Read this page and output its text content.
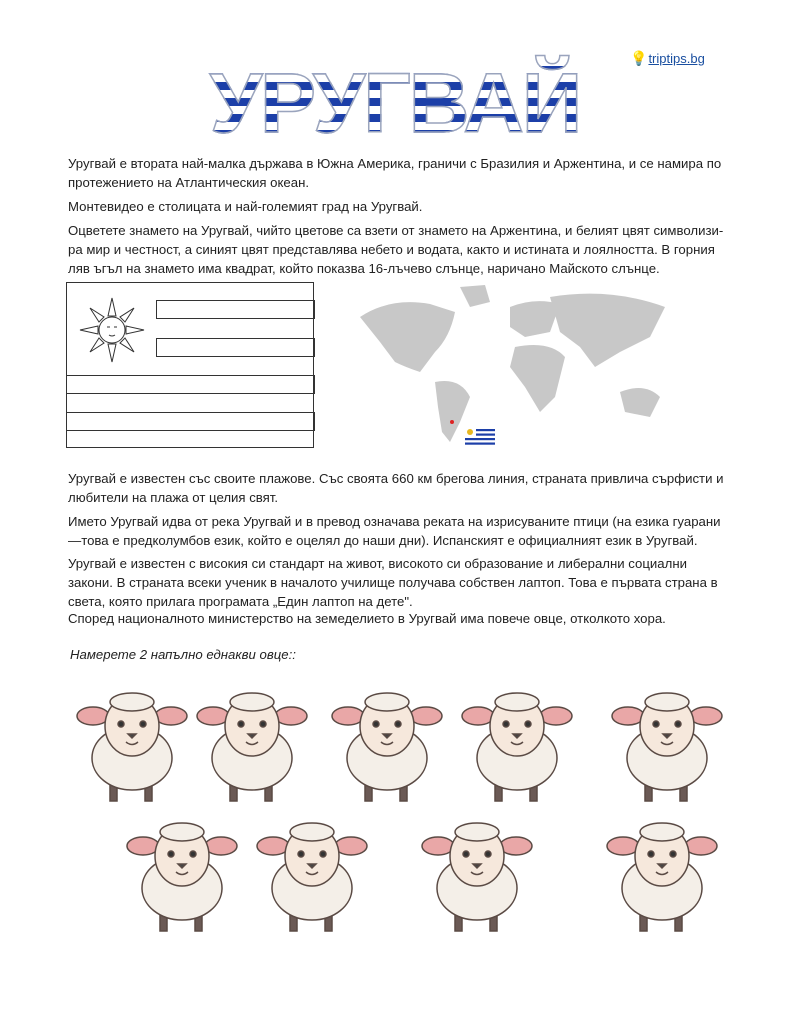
💡triptips.bg
УРУГВАЙ

Уругвай е втората най-малка държава в Южна Америка, граничи с Бразилия и Аржентина, и се намира по протежението на Атлантическия океан.

Монтевидео е столицата и най-големият град на Уругвай.

Оцветете знамето на Уругвай, чийто цветове са взети от знамето на Аржентина, и белият цвят символизи-ра мир и честност, а синият цвят представлява небето и водата, както и истината и лоялността. В горния ляв ъгъл на знамето има квадрат, който показва 16-лъчево слънце, наричано Майското слънце.

Уругвай е известен със своите плажове. Със своята 660 км брегова линия, страната привлича сърфисти и любители на плажа от целия свят.

Името Уругвай идва от река Уругвай и в превод означава реката на изрисуваните птици (на езика гуарани—това е предколумбов език, който е оцелял до наши дни). Испанският е официалният език в Уругвай.

Уругвай е известен с високия си стандарт на живот, високото си образование и либерални социални закони. В страната всеки ученик в началото училище получава собствен лаптоп. Това е първата страна в света, която прилага програмата „Един лаптоп на дете".

Според националното министерство на земеделието в Уругвай има повече овце, отколкото хора.

Намерете 2 напълно еднакви овце::
